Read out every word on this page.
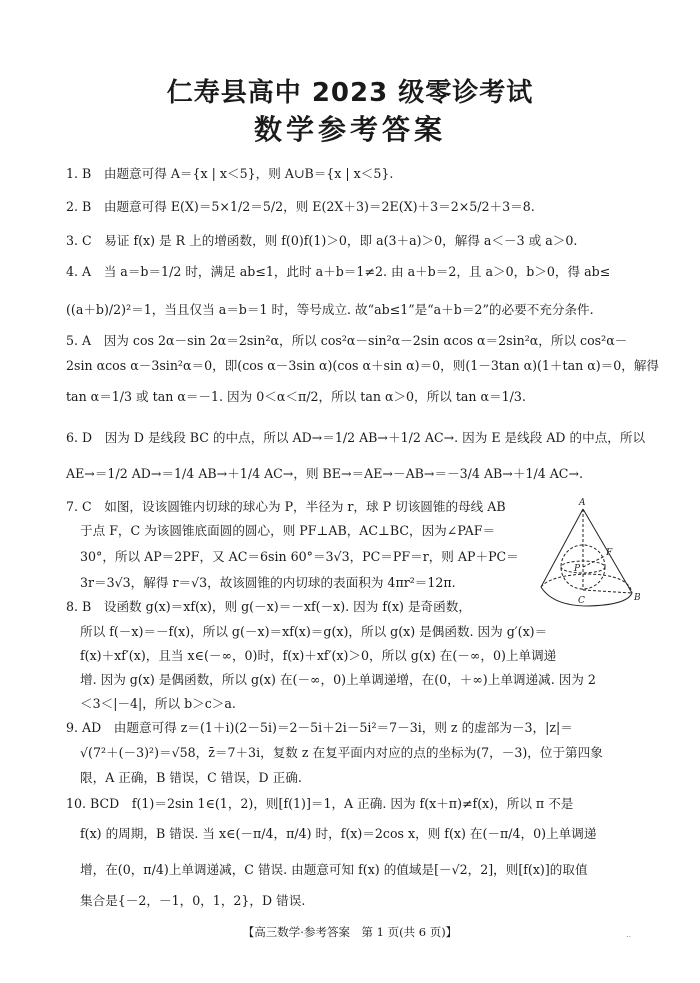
仁寿县高中 2023 级零诊考试
数学参考答案
1. B　由题意可得 A＝{x | x＜5}，则 A∪B＝{x | x＜5}.
2. B　由题意可得 E(X)＝5×1/2＝5/2，则 E(2X＋3)＝2E(X)＋3＝2×5/2＋3＝8.
3. C　易证 f(x) 是 R 上的增函数，则 f(0)f(1)＞0，即 a(3＋a)＞0，解得 a＜－3 或 a＞0.
4. A　当 a＝b＝1/2 时，满足 ab≤1，此时 a＋b＝1≠2. 由 a＋b＝2，且 a＞0，b＞0，得 ab≤
((a＋b)/2)²＝1，当且仅当 a＝b＝1 时，等号成立. 故“ab≤1”是“a＋b＝2”的必要不充分条件.
5. A　因为 cos 2α－sin 2α＝2sin²α，所以 cos²α－sin²α－2sin αcos α＝2sin²α，所以 cos²α－
2sin αcos α－3sin²α＝0，即(cos α－3sin α)(cos α＋sin α)＝0，则(1－3tan α)(1＋tan α)＝0，解得
tan α＝1/3 或 tan α＝－1. 因为 0＜α＜π/2，所以 tan α＞0，所以 tan α＝1/3.
6. D　因为 D 是线段 BC 的中点，所以 AD→＝1/2 AB→＋1/2 AC→. 因为 E 是线段 AD 的中点，所以
AE→＝1/2 AD→＝1/4 AB→＋1/4 AC→，则 BE→＝AE→－AB→＝－3/4 AB→＋1/4 AC→.
7. C　如图，设该圆锥内切球的球心为 P，半径为 r，球 P 切该圆锥的母线 AB
于点 F，C 为该圆锥底面圆的圆心，则 PF⊥AB，AC⊥BC，因为∠PAF＝
30°，所以 AP＝2PF，又 AC＝6sin 60°＝3√3，PC＝PF＝r，则 AP＋PC＝
3r＝3√3，解得 r＝√3，故该圆锥的内切球的表面积为 4πr²＝12π.
8. B　设函数 g(x)＝xf(x)，则 g(－x)＝－xf(－x). 因为 f(x) 是奇函数，
所以 f(－x)＝－f(x)，所以 g(－x)＝xf(x)＝g(x)，所以 g(x) 是偶函数. 因为 g′(x)＝
f(x)＋xf′(x)，且当 x∈(－∞，0)时，f(x)＋xf′(x)＞0，所以 g(x) 在(－∞，0)上单调递
增. 因为 g(x) 是偶函数，所以 g(x) 在(－∞，0)上单调递增，在(0，＋∞)上单调递减. 因为 2
＜3＜|－4|，所以 b＞c＞a.
9. AD　由题意可得 z＝(1＋i)(2－5i)＝2－5i＋2i－5i²＝7－3i，则 z 的虚部为－3，|z|＝
√(7²＋(－3)²)＝√58，z̄＝7＋3i，复数 z 在复平面内对应的点的坐标为(7，－3)，位于第四象
限，A 正确，B 错误，C 错误，D 正确.
10. BCD　f(1)＝2sin 1∈(1，2)，则[f(1)]＝1，A 正确. 因为 f(x＋π)≠f(x)，所以 π 不是
f(x) 的周期，B 错误. 当 x∈(－π/4，π/4) 时，f(x)＝2cos x，则 f(x) 在(－π/4，0)上单调递
增，在(0，π/4)上单调递减，C 错误. 由题意可知 f(x) 的值域是[－√2，2]，则[f(x)]的取值
集合是{－2，－1，0，1，2}，D 错误.
A
B
C
F
P
【高三数学·参考答案　第 1 页(共 6 页)】	..
